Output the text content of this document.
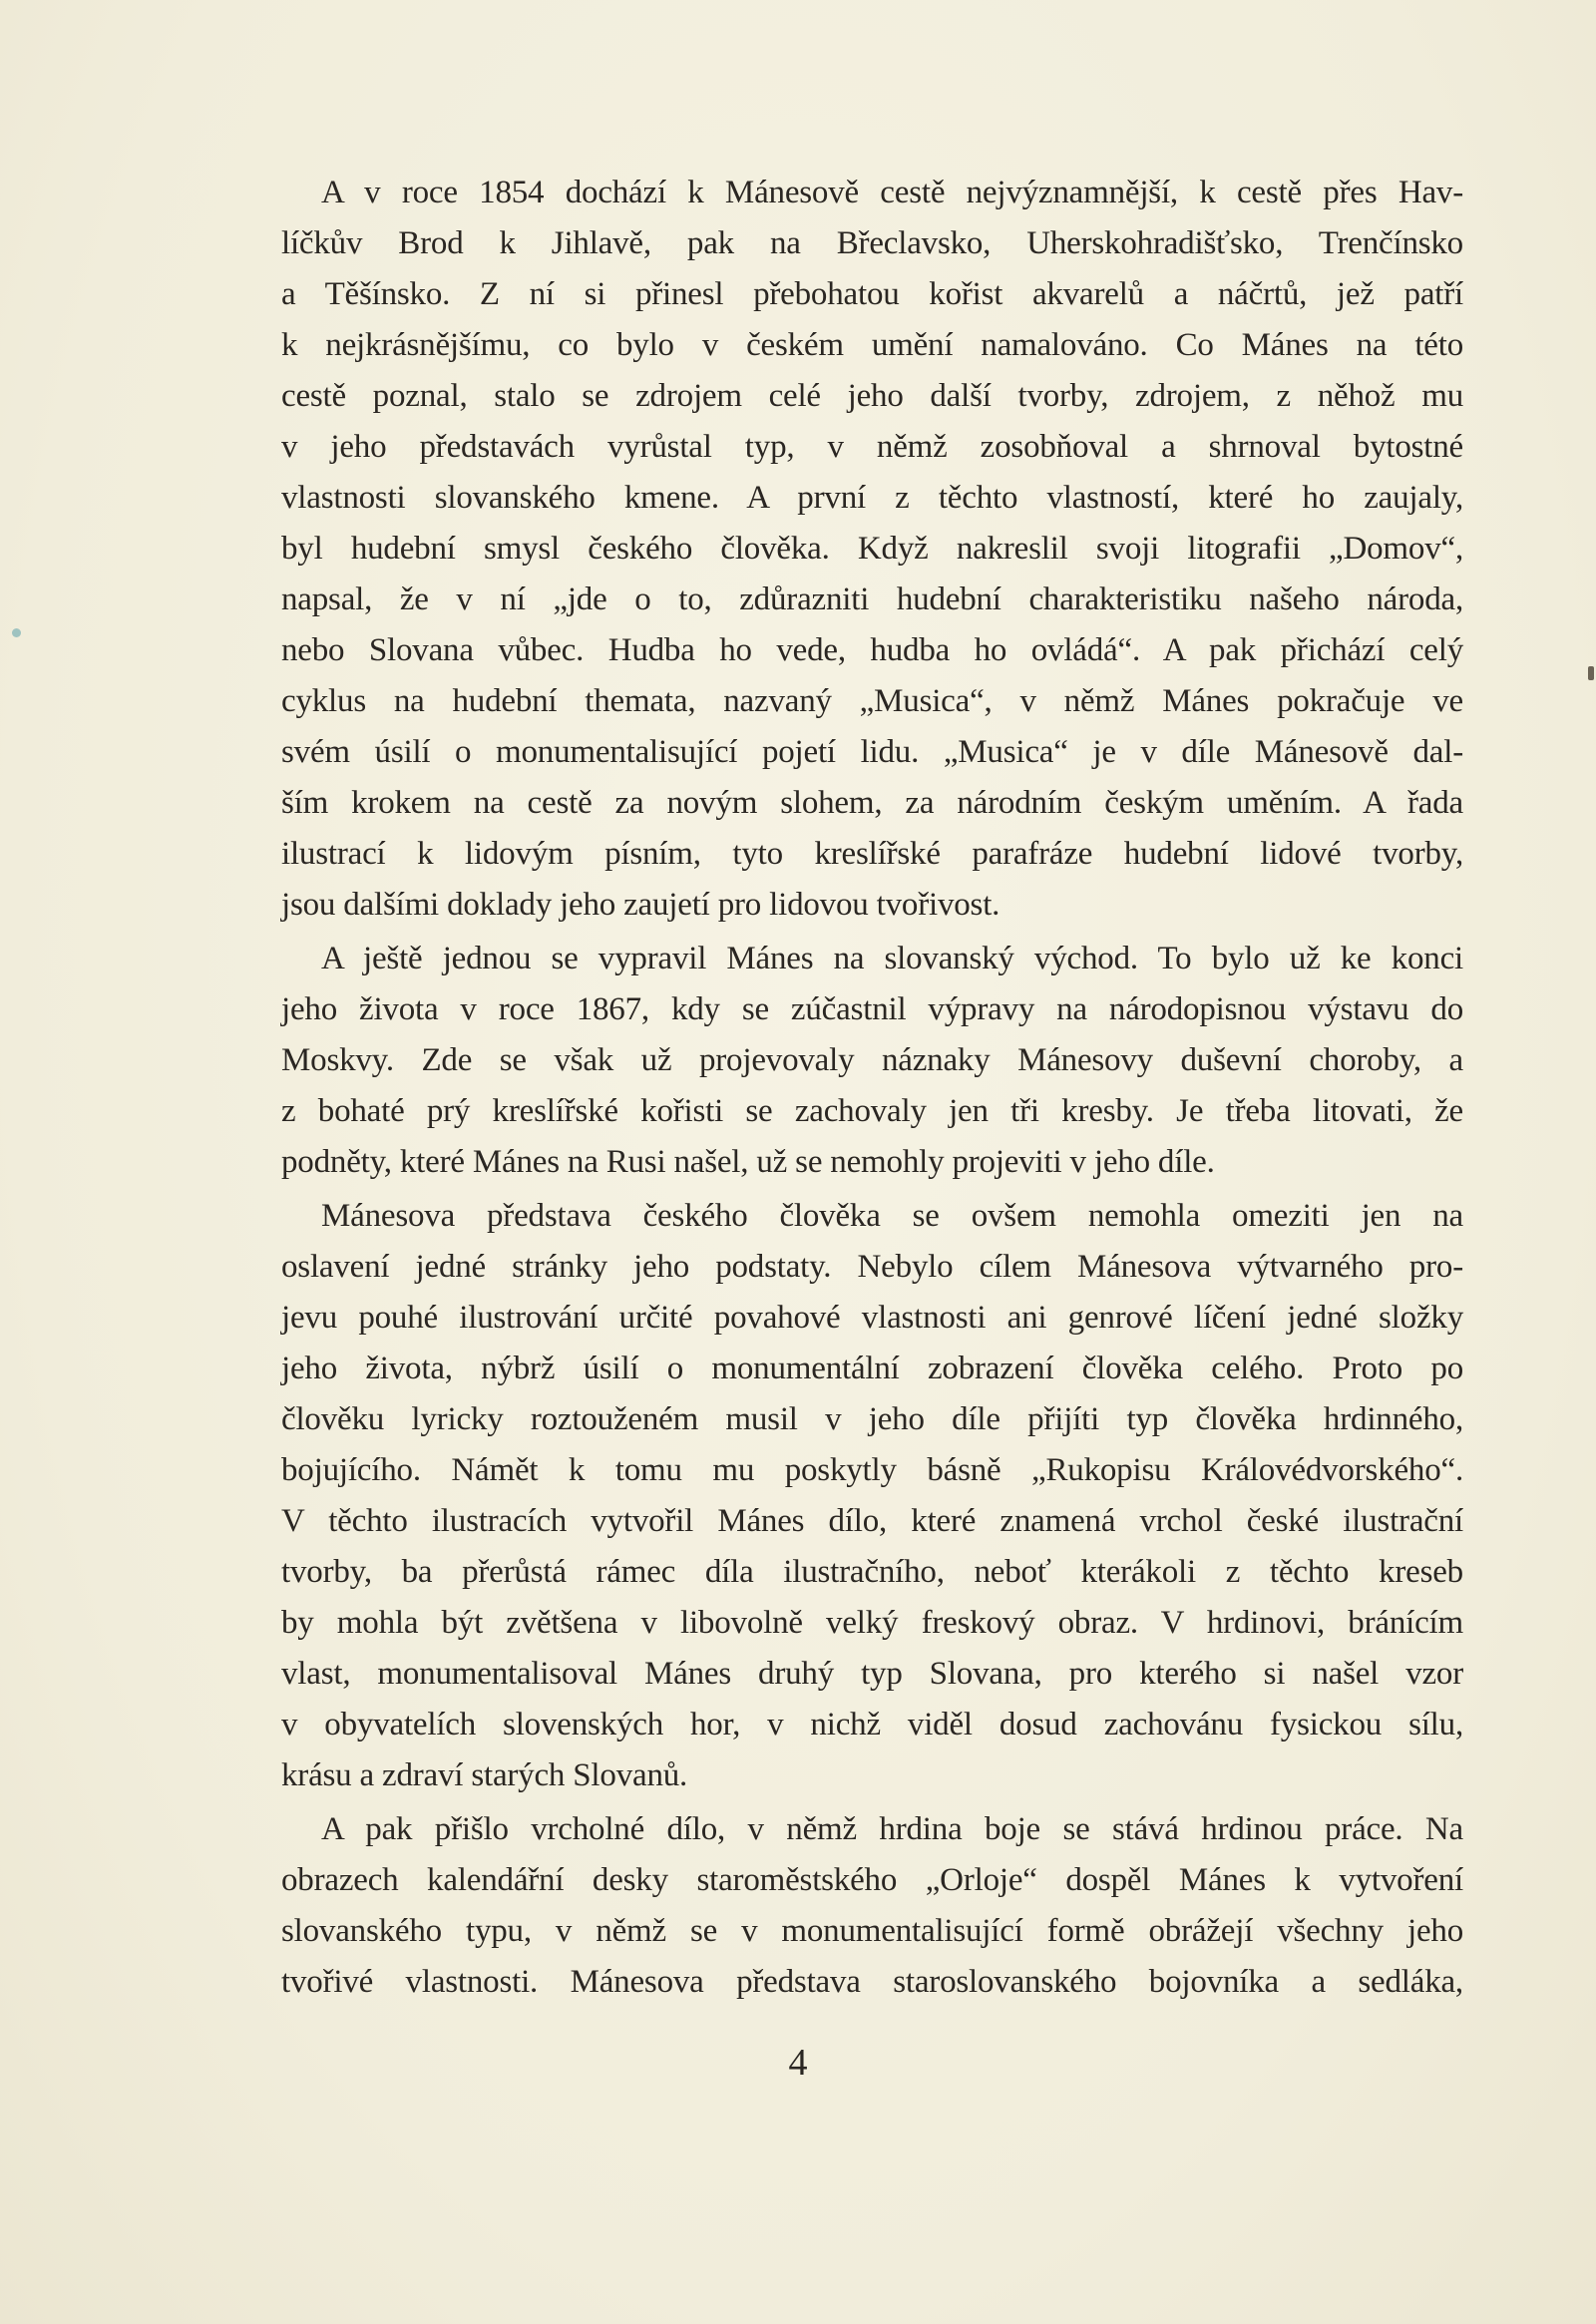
A v roce 1854 dochází k Mánesově cestě nejvýznamnější, k cestě přes Hav-
líčkův Brod k Jihlavě, pak na Břeclavsko, Uherskohradišťsko, Trenčínsko
a Těšínsko. Z ní si přinesl přebohatou kořist akvarelů a náčrtů, jež patří
k nejkrásnějšímu, co bylo v českém umění namalováno. Co Mánes na této
cestě poznal, stalo se zdrojem celé jeho další tvorby, zdrojem, z něhož mu
v jeho představách vyrůstal typ, v němž zosobňoval a shrnoval bytostné
vlastnosti slovanského kmene. A první z těchto vlastností, které ho zaujaly,
byl hudební smysl českého člověka. Když nakreslil svoji litografii „Domov“,
napsal, že v ní „jde o to, zdůrazniti hudební charakteristiku našeho národa,
nebo Slovana vůbec. Hudba ho vede, hudba ho ovládá“. A pak přichází celý
cyklus na hudební themata, nazvaný „Musica“, v němž Mánes pokračuje ve
svém úsilí o monumentalisující pojetí lidu. „Musica“ je v díle Mánesově dal-
ším krokem na cestě za novým slohem, za národním českým uměním. A řada
ilustrací k lidovým písním, tyto kreslířské parafráze hudební lidové tvorby,
jsou dalšími doklady jeho zaujetí pro lidovou tvořivost.
A ještě jednou se vypravil Mánes na slovanský východ. To bylo už ke konci
jeho života v roce 1867, kdy se zúčastnil výpravy na národopisnou výstavu do
Moskvy. Zde se však už projevovaly náznaky Mánesovy duševní choroby, a
z bohaté prý kreslířské kořisti se zachovaly jen tři kresby. Je třeba litovati, že
podněty, které Mánes na Rusi našel, už se nemohly projeviti v jeho díle.
Mánesova představa českého člověka se ovšem nemohla omeziti jen na
oslavení jedné stránky jeho podstaty. Nebylo cílem Mánesova výtvarného pro-
jevu pouhé ilustrování určité povahové vlastnosti ani genrové líčení jedné složky
jeho života, nýbrž úsilí o monumentální zobrazení člověka celého. Proto po
člověku lyricky roztouženém musil v jeho díle přijíti typ člověka hrdinného,
bojujícího. Námět k tomu mu poskytly básně „Rukopisu Královédvorského“.
V těchto ilustracích vytvořil Mánes dílo, které znamená vrchol české ilustrační
tvorby, ba přerůstá rámec díla ilustračního, neboť kterákoli z těchto kreseb
by mohla být zvětšena v libovolně velký freskový obraz. V hrdinovi, bránícím
vlast, monumentalisoval Mánes druhý typ Slovana, pro kterého si našel vzor
v obyvatelích slovenských hor, v nichž viděl dosud zachovánu fysickou sílu,
krásu a zdraví starých Slovanů.
A pak přišlo vrcholné dílo, v němž hrdina boje se stává hrdinou práce. Na
obrazech kalendářní desky staroměstského „Orloje“ dospěl Mánes k vytvoření
slovanského typu, v němž se v monumentalisující formě obrážejí všechny jeho
tvořivé vlastnosti. Mánesova představa staroslovanského bojovníka a sedláka,
4
